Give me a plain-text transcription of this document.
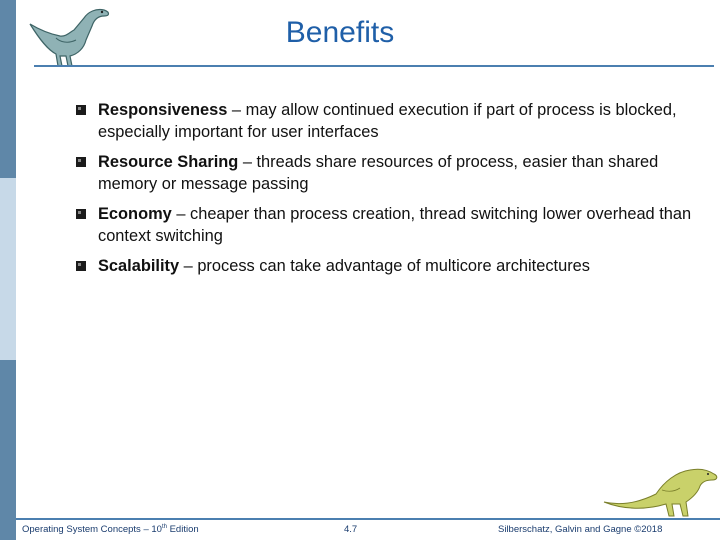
Benefits
Responsiveness – may allow continued execution if part of process is blocked, especially important for user interfaces
Resource Sharing – threads share resources of process, easier than shared memory or message passing
Economy – cheaper than process creation, thread switching lower overhead than context switching
Scalability – process can take advantage of multicore architectures
Operating System Concepts – 10th Edition	4.7	Silberschatz, Galvin and Gagne ©2018
